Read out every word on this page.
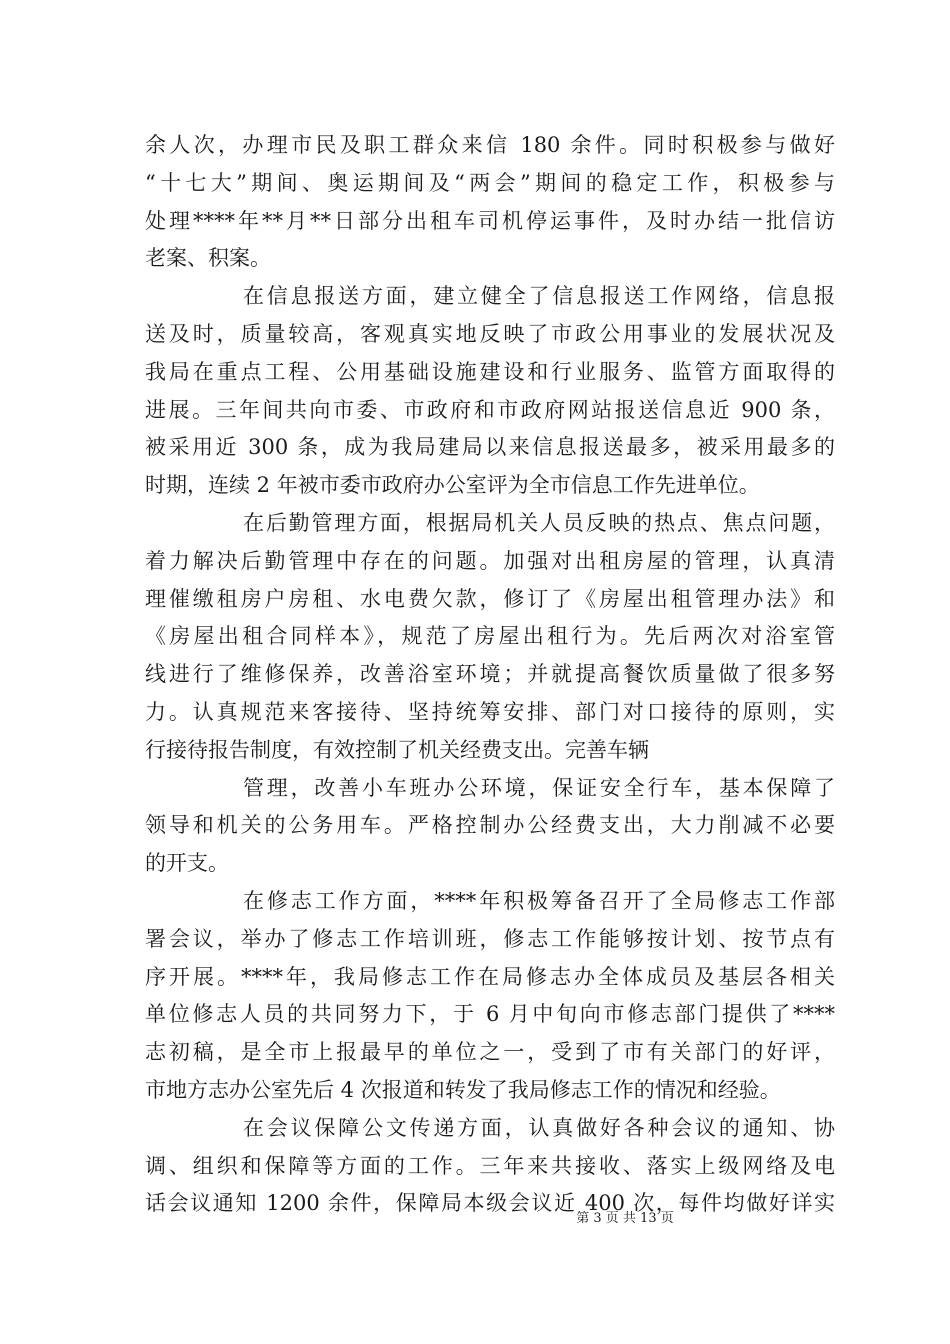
余人次，办理市民及职工群众来信 180 余件。同时积极参与做好
“十七大”期间、奥运期间及“两会”期间的稳定工作，积极参与
处理****年**月**日部分出租车司机停运事件，及时办结一批信访
老案、积案。
在信息报送方面，建立健全了信息报送工作网络，信息报
送及时，质量较高，客观真实地反映了市政公用事业的发展状况及
我局在重点工程、公用基础设施建设和行业服务、监管方面取得的
进展。三年间共向市委、市政府和市政府网站报送信息近 900 条，
被采用近 300 条，成为我局建局以来信息报送最多，被采用最多的
时期，连续 2 年被市委市政府办公室评为全市信息工作先进单位。
在后勤管理方面，根据局机关人员反映的热点、焦点问题，
着力解决后勤管理中存在的问题。加强对出租房屋的管理，认真清
理催缴租房户房租、水电费欠款，修订了《房屋出租管理办法》和
《房屋出租合同样本》，规范了房屋出租行为。先后两次对浴室管
线进行了维修保养，改善浴室环境；并就提高餐饮质量做了很多努
力。认真规范来客接待、坚持统筹安排、部门对口接待的原则，实
行接待报告制度，有效控制了机关经费支出。完善车辆
管理，改善小车班办公环境，保证安全行车，基本保障了
领导和机关的公务用车。严格控制办公经费支出，大力削减不必要
的开支。
在修志工作方面，****年积极筹备召开了全局修志工作部
署会议，举办了修志工作培训班，修志工作能够按计划、按节点有
序开展。****年，我局修志工作在局修志办全体成员及基层各相关
单位修志人员的共同努力下，于 6 月中旬向市修志部门提供了****
志初稿，是全市上报最早的单位之一，受到了市有关部门的好评，
市地方志办公室先后 4 次报道和转发了我局修志工作的情况和经验。
在会议保障公文传递方面，认真做好各种会议的通知、协
调、组织和保障等方面的工作。三年来共接收、落实上级网络及电
话会议通知 1200 余件，保障局本级会议近 400 次，每件均做好详实
第 3 页 共 13 页
